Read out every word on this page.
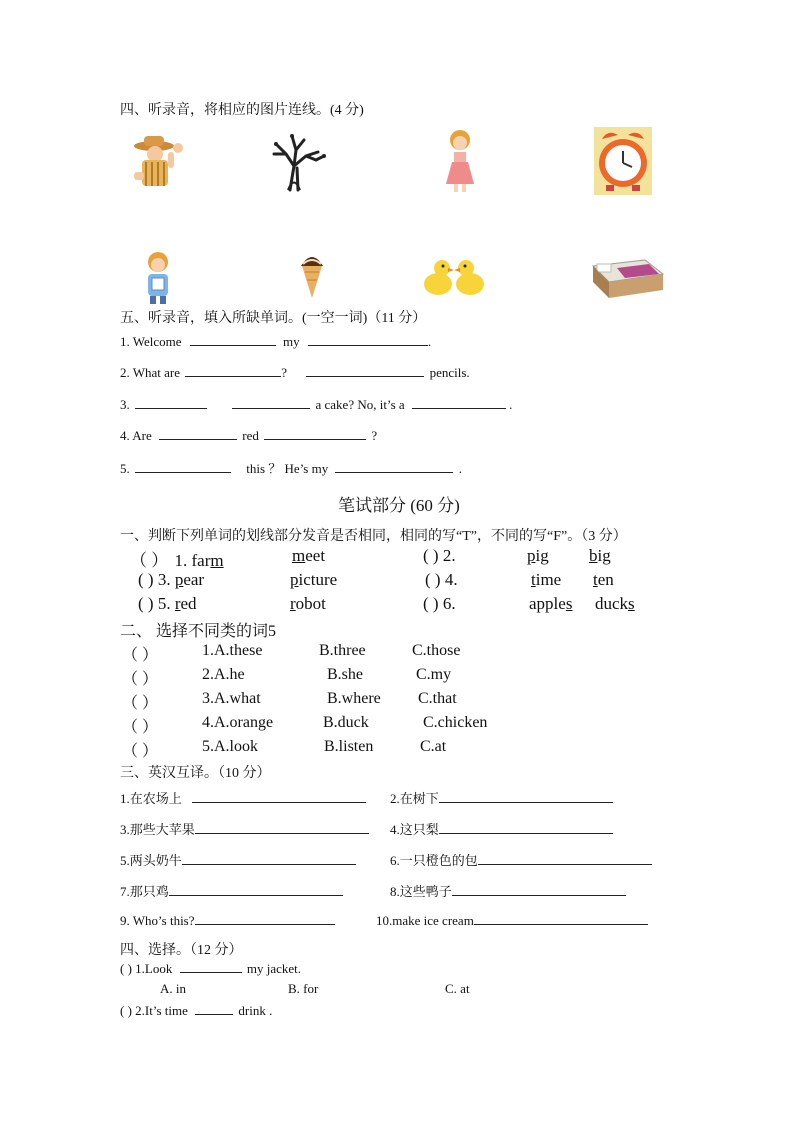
四、听录音，将相应的图片连线。(4 分)
五、听录音，填入所缺单词。(一空一词)（11 分）
1. Welcome	my	.
2. What are	?	pencils.
3.	a cake? No, it’s a	.
4. Are	red	?
5.	this ？ He’s my	.
笔试部分 (60 分)
一、判断下列单词的划线部分发音是否相同，相同的写“T”，不同的写“F”。（3 分）
（ ） 1. farm	meet	( ) 2.	pig big
( ) 3. pear	picture	( ) 4.	time ten
( ) 5. red	robot	( ) 6.	apples ducks
二、 选择不同类的词5
（ ）	1.A.these	B.three	C.those
（ ）	2.A.he	B.she	C.my
（ ）	3.A.what	B.where C.that
（ ）	4.A.orange	B.duck	C.chicken
（ ）	5.A.look	B.listen	C.at
三、英汉互译。（10 分）
1.在农场上	2.在树下
3.那些大苹果	4.这只梨
5.两头奶牛	6.一只橙色的包
7.那只鸡	8.这些鸭子
9. Who’s this?	10.make ice cream
四、选择。（12 分）
( ) 1.Look	my jacket.
A. in	B. for	C. at
( ) 2.It’s time	drink .
